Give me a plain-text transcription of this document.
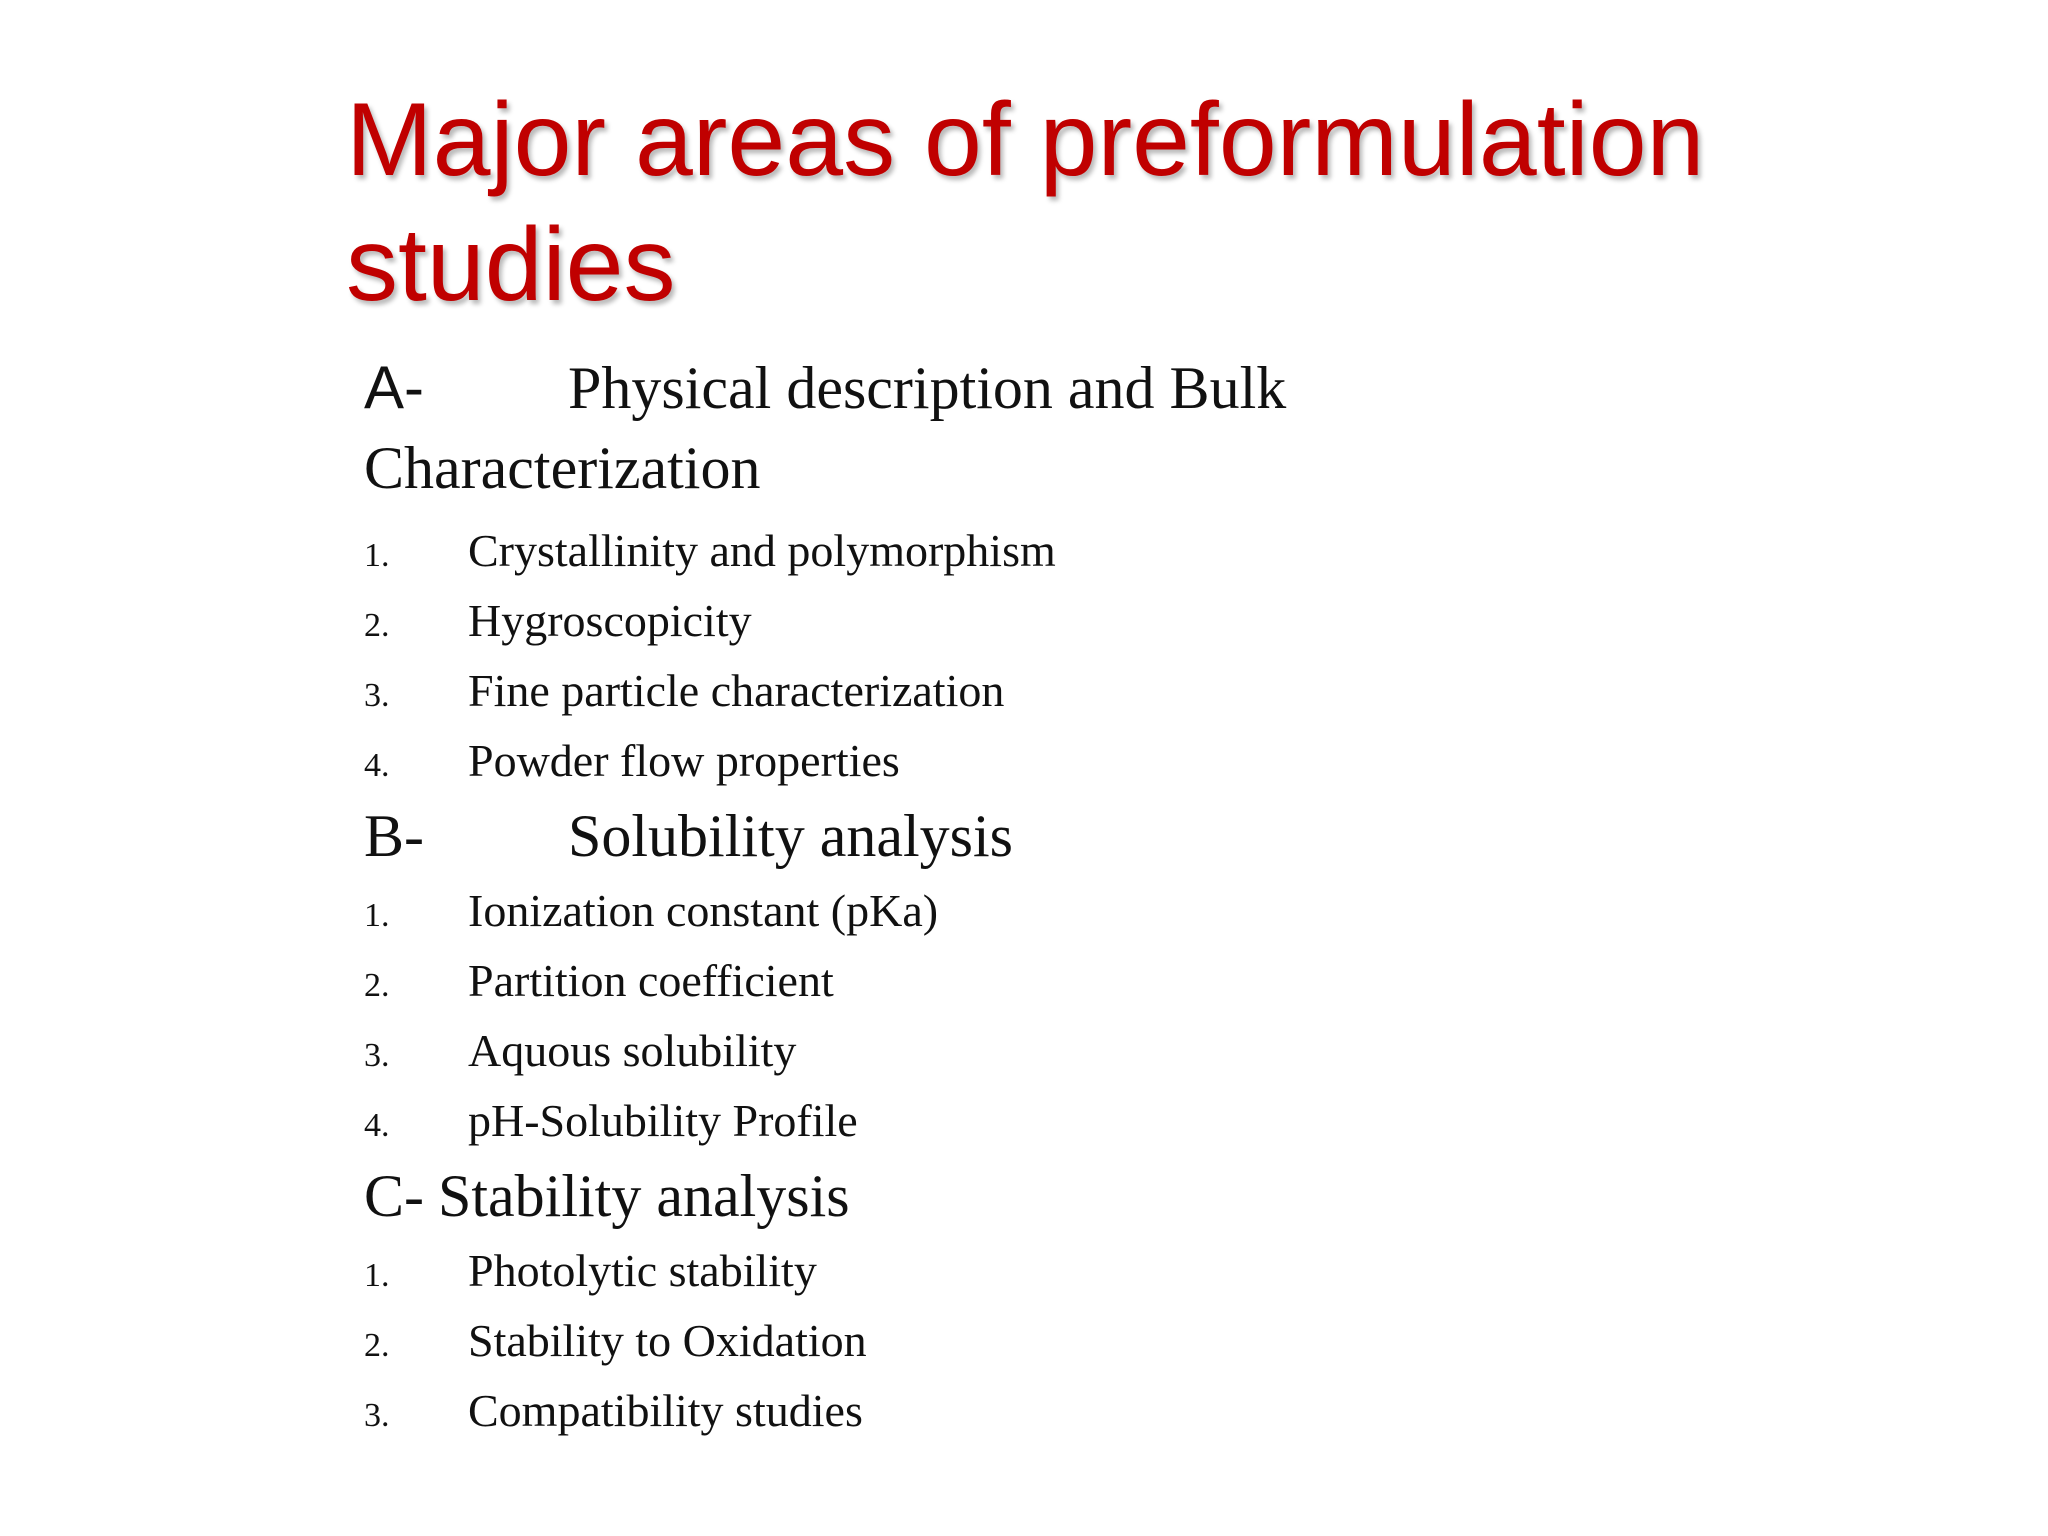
Major areas of preformulation studies
A- Physical description and Bulk
Characterization
1.	Crystallinity and polymorphism
2.	Hygroscopicity
3.	Fine particle characterization
4.	Powder flow properties
B- Solubility analysis
1.	Ionization constant (pKa)
2.	Partition coefficient
3.	Aquous solubility
4.	pH-Solubility Profile
C- Stability analysis
1.	Photolytic stability
2.	Stability to Oxidation
3.	Compatibility studies
